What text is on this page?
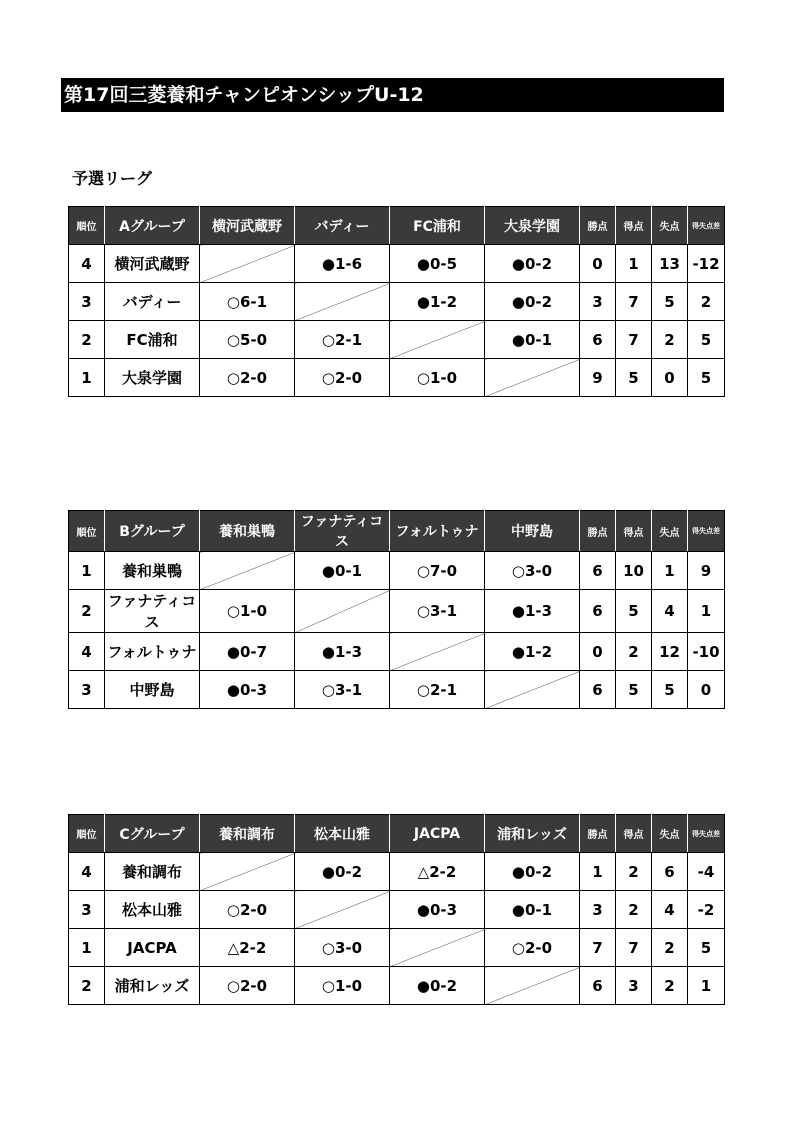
第17回三菱養和チャンピオンシップU-12
予選リーグ
順位	Aグループ	横河武蔵野	バディー	FC浦和	大泉学園	勝点	得点	失点	得失点差
4	横河武蔵野		●1-6	●0-5	●0-2	0	1	13	-12
3	バディー	○6-1		●1-2	●0-2	3	7	5	2
2	FC浦和	○5-0	○2-1		●0-1	6	7	2	5
1	大泉学園	○2-0	○2-0	○1-0		9	5	0	5
順位	Bグループ	養和巣鴨	ファナティコス	フォルトゥナ	中野島	勝点	得点	失点	得失点差
1	養和巣鴨		●0-1	○7-0	○3-0	6	10	1	9
2	ファナティコス	○1-0		○3-1	●1-3	6	5	4	1
4	フォルトゥナ	●0-7	●1-3		●1-2	0	2	12	-10
3	中野島	●0-3	○3-1	○2-1		6	5	5	0
順位	Cグループ	養和調布	松本山雅	JACPA	浦和レッズ	勝点	得点	失点	得失点差
4	養和調布		●0-2	△2-2	●0-2	1	2	6	-4
3	松本山雅	○2-0		●0-3	●0-1	3	2	4	-2
1	JACPA	△2-2	○3-0		○2-0	7	7	2	5
2	浦和レッズ	○2-0	○1-0	●0-2		6	3	2	1
